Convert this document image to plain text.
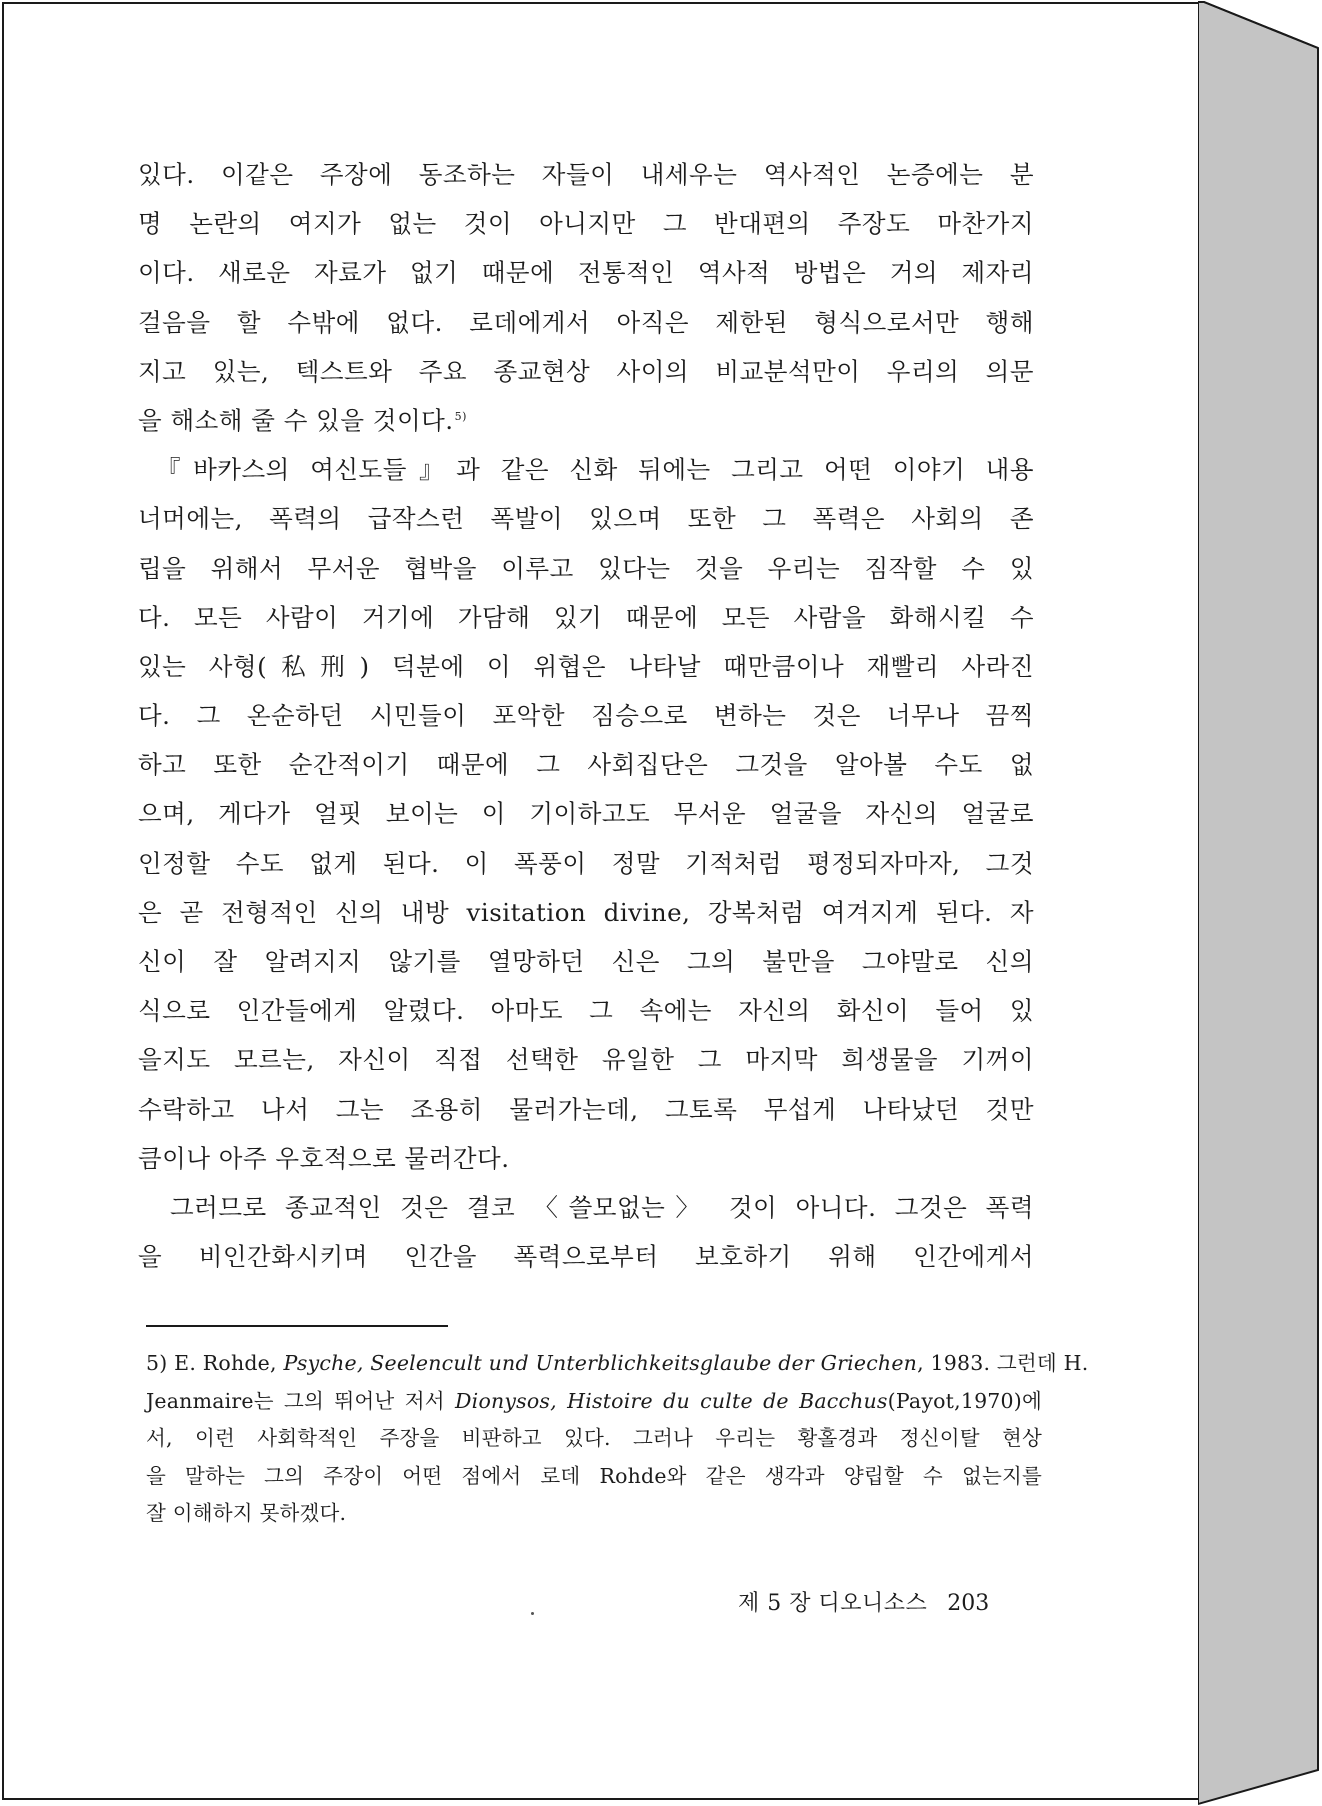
있다. 이같은 주장에 동조하는 자들이 내세우는 역사적인 논증에는 분
명 논란의 여지가 없는 것이 아니지만 그 반대편의 주장도 마찬가지
이다. 새로운 자료가 없기 때문에 전통적인 역사적 방법은 거의 제자리
걸음을 할 수밖에 없다. 로데에게서 아직은 제한된 형식으로서만 행해
지고 있는, 텍스트와 주요 종교현상 사이의 비교분석만이 우리의 의문
을 해소해 줄 수 있을 것이다.$^{5)}$
『바카스의 여신도들』과 같은 신화 뒤에는 그리고 어떤 이야기 내용
너머에는, 폭력의 급작스런 폭발이 있으며 또한 그 폭력은 사회의 존
립을 위해서 무서운 협박을 이루고 있다는 것을 우리는 짐작할 수 있
다. 모든 사람이 거기에 가담해 있기 때문에 모든 사람을 화해시킬 수
있는 사형(私刑) 덕분에 이 위협은 나타날 때만큼이나 재빨리 사라진
다. 그 온순하던 시민들이 포악한 짐승으로 변하는 것은 너무나 끔찍
하고 또한 순간적이기 때문에 그 사회집단은 그것을 알아볼 수도 없
으며, 게다가 얼핏 보이는 이 기이하고도 무서운 얼굴을 자신의 얼굴로
인정할 수도 없게 된다. 이 폭풍이 정말 기적처럼 평정되자마자, 그것
은 곧 전형적인 신의 내방 visitation divine, 강복처럼 여겨지게 된다. 자
신이 잘 알려지지 않기를 열망하던 신은 그의 불만을 그야말로 신의
식으로 인간들에게 알렸다. 아마도 그 속에는 자신의 화신이 들어 있
을지도 모르는, 자신이 직접 선택한 유일한 그 마지막 희생물을 기꺼이
수락하고 나서 그는 조용히 물러가는데, 그토록 무섭게 나타났던 것만
큼이나 아주 우호적으로 물러간다.
그러므로 종교적인 것은 결코 〈쓸모없는〉 것이 아니다. 그것은 폭력
을 비인간화시키며 인간을 폭력으로부터 보호하기 위해 인간에게서
5) E. Rohde, Psyche, Seelencult und Unterblichkeitsglaube der Griechen, 1983. 그런데 H.
Jeanmaire는 그의 뛰어난 저서 Dionysos, Histoire du culte de Bacchus(Payot,1970)에
서, 이런 사회학적인 주장을 비판하고 있다. 그러나 우리는 황홀경과 정신이탈 현상
을 말하는 그의 주장이 어떤 점에서 로데 Rohde와 같은 생각과 양립할 수 없는지를
잘 이해하지 못하겠다.
제 5 장 디오니소스 203
